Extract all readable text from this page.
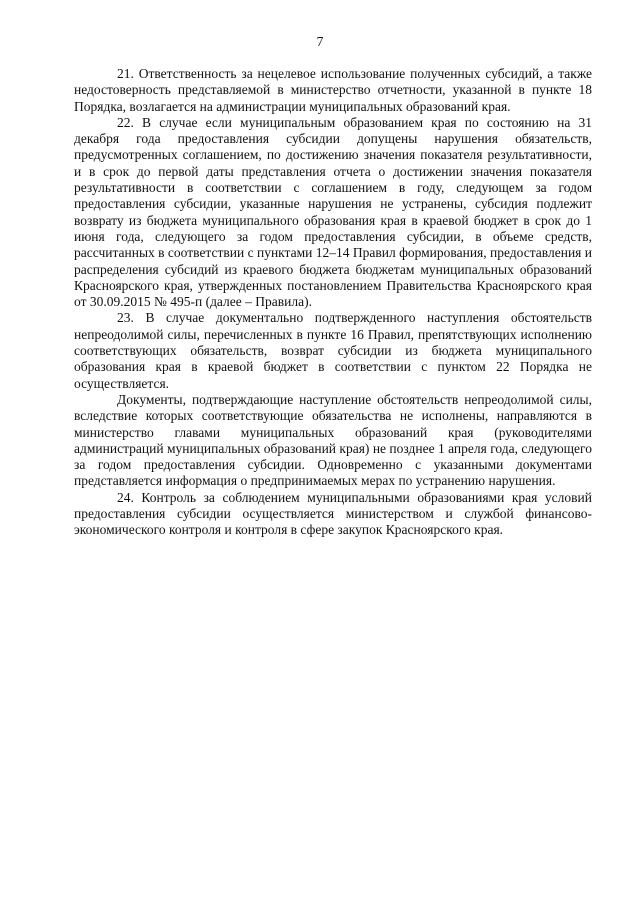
7

21. Ответственность за нецелевое использование полученных субсидий, а также недостоверность представляемой в министерство отчетности, указанной в пункте 18 Порядка, возлагается на администрации муниципальных образований края.

22. В случае если муниципальным образованием края по состоянию на 31 декабря года предоставления субсидии допущены нарушения обязательств, предусмотренных соглашением, по достижению значения показателя результативности, и в срок до первой даты представления отчета о достижении значения показателя результативности в соответствии с соглашением в году, следующем за годом предоставления субсидии, указанные нарушения не устранены, субсидия подлежит возврату из бюджета муниципального образования края в краевой бюджет в срок до 1 июня года, следующего за годом предоставления субсидии, в объеме средств, рассчитанных в соответствии с пунктами 12–14 Правил формирования, предоставления и распределения субсидий из краевого бюджета бюджетам муниципальных образований Красноярского края, утвержденных постановлением Правительства Красноярского края от 30.09.2015 № 495-п (далее – Правила).

23. В случае документально подтвержденного наступления обстоятельств непреодолимой силы, перечисленных в пункте 16 Правил, препятствующих исполнению соответствующих обязательств, возврат субсидии из бюджета муниципального образования края в краевой бюджет в соответствии с пунктом 22 Порядка не осуществляется.

Документы, подтверждающие наступление обстоятельств непреодолимой силы, вследствие которых соответствующие обязательства не исполнены, направляются в министерство главами муниципальных образований края (руководителями администраций муниципальных образований края) не позднее 1 апреля года, следующего за годом предоставления субсидии. Одновременно с указанными документами представляется информация о предпринимаемых мерах по устранению нарушения.

24. Контроль за соблюдением муниципальными образованиями края условий предоставления субсидии осуществляется министерством и службой финансово-экономического контроля и контроля в сфере закупок Красноярского края.
